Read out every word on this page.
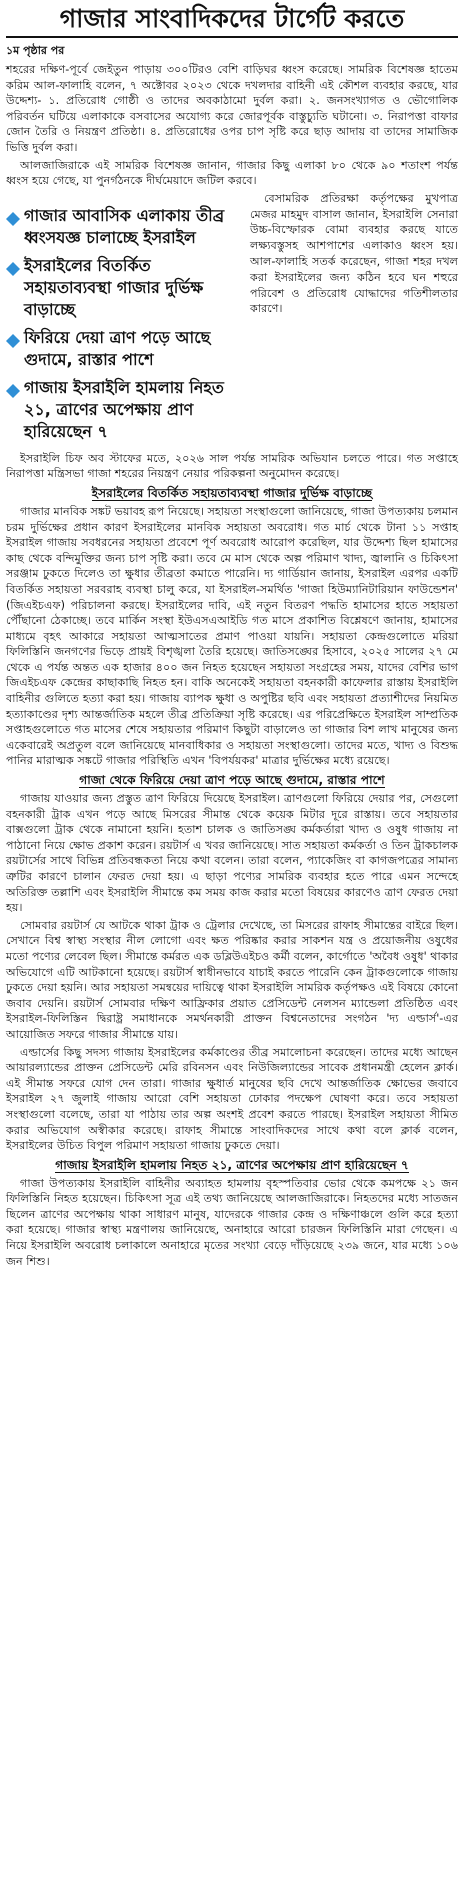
গাজার সাংবাদিকদের টার্গেট করতে
১ম পৃষ্ঠার পর

শহরের দক্ষিণ-পূর্বে জেইতুন পাড়ায় ৩০০টিরও বেশি বাড়িঘর ধ্বংস করেছে। সামরিক বিশেষজ্ঞ হাতেম করিম আল-ফালাহি বলেন, ৭ অক্টোবর ২০২৩ থেকে দখলদার বাহিনী এই কৌশল ব্যবহার করছে, যার উদ্দেশ্য- ১. প্রতিরোধ গোষ্ঠী ও তাদের অবকাঠামো দুর্বল করা। ২. জনসংখ্যাগত ও ভৌগোলিক পরিবর্তন ঘটিয়ে এলাকাকে বসবাসের অযোগ্য করে জোরপূর্বক বাস্তুচ্যুতি ঘটানো। ৩. নিরাপত্তা বাফার জোন তৈরি ও নিয়ন্ত্রণ প্রতিষ্ঠা। ৪. প্রতিরোধের ওপর চাপ সৃষ্টি করে ছাড় আদায় বা তাদের সামাজিক ভিত্তি দুর্বল করা।

আলজাজিরাকে এই সামরিক বিশেষজ্ঞ জানান, গাজার কিছু এলাকা ৮০ থেকে ৯০ শতাংশ পর্যন্ত ধ্বংস হয়ে গেছে, যা পুনর্গঠনকে দীর্ঘমেয়াদে জটিল করবে।

গাজার আবাসিক এলাকায় তীব্র ধ্বংসযজ্ঞ চালাচ্ছে ইসরাইল
ইসরাইলের বিতর্কিত সহায়তাব্যবস্থা গাজার দুর্ভিক্ষ বাড়াচ্ছে
ফিরিয়ে দেয়া ত্রাণ পড়ে আছে গুদামে, রাস্তার পাশে
গাজায় ইসরাইলি হামলায় নিহত ২১, ত্রাণের অপেক্ষায় প্রাণ হারিয়েছেন ৭

বেসামরিক প্রতিরক্ষা কর্তৃপক্ষের মুখপাত্র মেজর মাহমুদ বাসাল জানান, ইসরাইলি সেনারা উচ্চ-বিস্ফোরক বোমা ব্যবহার করছে যাতে লক্ষ্যবস্তুসহ আশপাশের এলাকাও ধ্বংস হয়। আল-ফালাহি সতর্ক করেছেন, গাজা শহর দখল করা ইসরাইলের জন্য কঠিন হবে ঘন শহুরে পরিবেশ ও প্রতিরোধ যোদ্ধাদের গতিশীলতার কারণে।

ইসরাইলি চিফ অব স্টাফের মতে, ২০২৬ সাল পর্যন্ত সামরিক অভিযান চলতে পারে। গত সপ্তাহে নিরাপত্তা মন্ত্রিসভা গাজা শহরের নিয়ন্ত্রণ নেয়ার পরিকল্পনা অনুমোদন করেছে।

ইসরাইলের বিতর্কিত সহায়তাব্যবস্থা গাজার দুর্ভিক্ষ বাড়াচ্ছে

গাজার মানবিক সঙ্কট ভয়াবহ রূপ নিয়েছে। সহায়তা সংস্থাগুলো জানিয়েছে, গাজা উপত্যকায় চলমান চরম দুর্ভিক্ষের প্রধান কারণ ইসরাইলের মানবিক সহায়তা অবরোধ। গত মার্চ থেকে টানা ১১ সপ্তাহ ইসরাইল গাজায় সবধরনের সহায়তা প্রবেশে পূর্ণ অবরোধ আরোপ করেছিল, যার উদ্দেশ্য ছিল হামাসের কাছ থেকে বন্দিমুক্তির জন্য চাপ সৃষ্টি করা। তবে মে মাস থেকে অল্প পরিমাণ খাদ্য, জ্বালানি ও চিকিৎসা সরঞ্জাম ঢুকতে দিলেও তা ক্ষুধার তীব্রতা কমাতে পারেনি। দ্য গার্ডিয়ান জানায়, ইসরাইল এরপর একটি বিতর্কিত সহায়তা সরবরাহ ব্যবস্থা চালু করে, যা ইসরাইল-সমর্থিত 'গাজা হিউম্যানিটারিয়ান ফাউন্ডেশন' (জিএইচএফ) পরিচালনা করছে। ইসরাইলের দাবি, এই নতুন বিতরণ পদ্ধতি হামাসের হাতে সহায়তা পৌঁছানো ঠেকাচ্ছে। তবে মার্কিন সংস্থা ইউএসএআইডি গত মাসে প্রকাশিত বিশ্লেষণে জানায়, হামাসের মাধ্যমে বৃহৎ আকারে সহায়তা আত্মসাতের প্রমাণ পাওয়া যায়নি। সহায়তা কেন্দ্রগুলোতে মরিয়া ফিলিস্তিনি জনগণের ভিড়ে প্রায়ই বিশৃঙ্খলা তৈরি হয়েছে। জাতিসঙ্ঘের হিসাবে, ২০২৫ সালের ২৭ মে থেকে এ পর্যন্ত অন্তত এক হাজার ৪০০ জন নিহত হয়েছেন সহায়তা সংগ্রহের সময়, যাদের বেশির ভাগ জিএইচএফ কেন্দ্রের কাছাকাছি নিহত হন। বাকি অনেকেই সহায়তা বহনকারী কাফেলার রাস্তায় ইসরাইলি বাহিনীর গুলিতে হত্যা করা হয়। গাজায় ব্যাপক ক্ষুধা ও অপুষ্টির ছবি এবং সহায়তা প্রত্যাশীদের নিয়মিত হত্যাকাণ্ডের দৃশ্য আন্তর্জাতিক মহলে তীব্র প্রতিক্রিয়া সৃষ্টি করেছে। এর পরিপ্রেক্ষিতে ইসরাইল সাম্প্রতিক সপ্তাহগুলোতে গত মাসের শেষে সহায়তার পরিমাণ কিছুটা বাড়ালেও তা গাজার বিশ লাখ মানুষের জন্য একেবারেই অপ্রতুল বলে জানিয়েছে মানবাধিকার ও সহায়তা সংস্থাগুলো। তাদের মতে, খাদ্য ও বিশুদ্ধ পানির মারাত্মক সঙ্কটে গাজার পরিস্থিতি এখন 'বিপর্যয়কর' মাত্রার দুর্ভিক্ষের মধ্যে রয়েছে।

গাজা থেকে ফিরিয়ে দেয়া ত্রাণ পড়ে আছে গুদামে, রাস্তার পাশে

গাজায় যাওয়ার জন্য প্রস্তুত ত্রাণ ফিরিয়ে দিয়েছে ইসরাইল। ত্রাণগুলো ফিরিয়ে দেয়ার পর, সেগুলো বহনকারী ট্রাক এখন পড়ে আছে মিসরের সীমান্ত থেকে কয়েক মিটার দূরে রাস্তায়। তবে সহায়তার বাক্সগুলো ট্রাক থেকে নামানো হয়নি। হতাশ চালক ও জাতিসঙ্ঘ কর্মকর্তারা খাদ্য ও ওষুধ গাজায় না পাঠানো নিয়ে ক্ষোভ প্রকাশ করেন। রয়টার্স এ খবর জানিয়েছে। সাত সহায়তা কর্মকর্তা ও তিন ট্রাকচালক রয়টার্সের সাথে বিভিন্ন প্রতিবন্ধকতা নিয়ে কথা বলেন। তারা বলেন, প্যাকেজিং বা কাগজপত্রের সামান্য ত্রুটির কারণে চালান ফেরত দেয়া হয়। এ ছাড়া পণ্যের সামরিক ব্যবহার হতে পারে এমন সন্দেহে অতিরিক্ত তল্লাশি এবং ইসরাইলি সীমান্তে কম সময় কাজ করার মতো বিষয়ের কারণেও ত্রাণ ফেরত দেয়া হয়।

সোমবার রয়টার্স যে আটকে থাকা ট্রাক ও ট্রেলার দেখেছে, তা মিসরের রাফাহ সীমান্তের বাইরে ছিল। সেখানে বিশ্ব স্বাস্থ্য সংস্থার নীল লোগো এবং ক্ষত পরিষ্কার করার সাকশন যন্ত্র ও প্রয়োজনীয় ওষুধের মতো পণ্যের লেবেল ছিল। সীমান্তে কর্মরত এক ডব্লিউএইচও কর্মী বলেন, কার্গোতে 'অবৈধ ওষুধ' থাকার অভিযোগে এটি আটকানো হয়েছে। রয়টার্স স্বাধীনভাবে যাচাই করতে পারেনি কেন ট্রাকগুলোকে গাজায় ঢুকতে দেয়া হয়নি। আর সহায়তা সমন্বয়ের দায়িত্বে থাকা ইসরাইলি সামরিক কর্তৃপক্ষও এই বিষয়ে কোনো জবাব দেয়নি। রয়টার্স সোমবার দক্ষিণ আফ্রিকার প্রয়াত প্রেসিডেন্ট নেলসন ম্যান্ডেলা প্রতিষ্ঠিত এবং ইসরাইল-ফিলিস্তিন দ্বিরাষ্ট্র সমাধানকে সমর্থনকারী প্রাক্তন বিশ্বনেতাদের সংগঠন 'দ্য এল্ডার্স'-এর আয়োজিত সফরে গাজার সীমান্তে যায়।

এল্ডার্সের কিছু সদস্য গাজায় ইসরাইলের কর্মকাণ্ডের তীব্র সমালোচনা করেছেন। তাদের মধ্যে আছেন আয়ারল্যান্ডের প্রাক্তন প্রেসিডেন্ট মেরি রবিনসন এবং নিউজিল্যান্ডের সাবেক প্রধানমন্ত্রী হেলেন ক্লার্ক। এই সীমান্ত সফরে যোগ দেন তারা। গাজার ক্ষুধার্ত মানুষের ছবি দেখে আন্তর্জাতিক ক্ষোভের জবাবে ইসরাইল ২৭ জুলাই গাজায় আরো বেশি সহায়তা ঢোকার পদক্ষেপ ঘোষণা করে। তবে সহায়তা সংস্থাগুলো বলেছে, তারা যা পাঠায় তার অল্প অংশই প্রবেশ করতে পারছে। ইসরাইল সহায়তা সীমিত করার অভিযোগ অস্বীকার করেছে। রাফাহ সীমান্তে সাংবাদিকদের সাথে কথা বলে ক্লার্ক বলেন, ইসরাইলের উচিত বিপুল পরিমাণ সহায়তা গাজায় ঢুকতে দেয়া।

গাজায় ইসরাইলি হামলায় নিহত ২১, ত্রাণের অপেক্ষায় প্রাণ হারিয়েছেন ৭

গাজা উপত্যকায় ইসরাইলি বাহিনীর অব্যাহত হামলায় বৃহস্পতিবার ভোর থেকে কমপক্ষে ২১ জন ফিলিস্তিনি নিহত হয়েছেন। চিকিৎসা সূত্র এই তথ্য জানিয়েছে আলজাজিরাকে। নিহতদের মধ্যে সাতজন ছিলেন ত্রাণের অপেক্ষায় থাকা সাধারণ মানুষ, যাদেরকে গাজার কেন্দ্র ও দক্ষিণাঞ্চলে গুলি করে হত্যা করা হয়েছে। গাজার স্বাস্থ্য মন্ত্রণালয় জানিয়েছে, অনাহারে আরো চারজন ফিলিস্তিনি মারা গেছেন। এ নিয়ে ইসরাইলি অবরোধ চলাকালে অনাহারে মৃতের সংখ্যা বেড়ে দাঁড়িয়েছে ২৩৯ জনে, যার মধ্যে ১০৬ জন শিশু।
